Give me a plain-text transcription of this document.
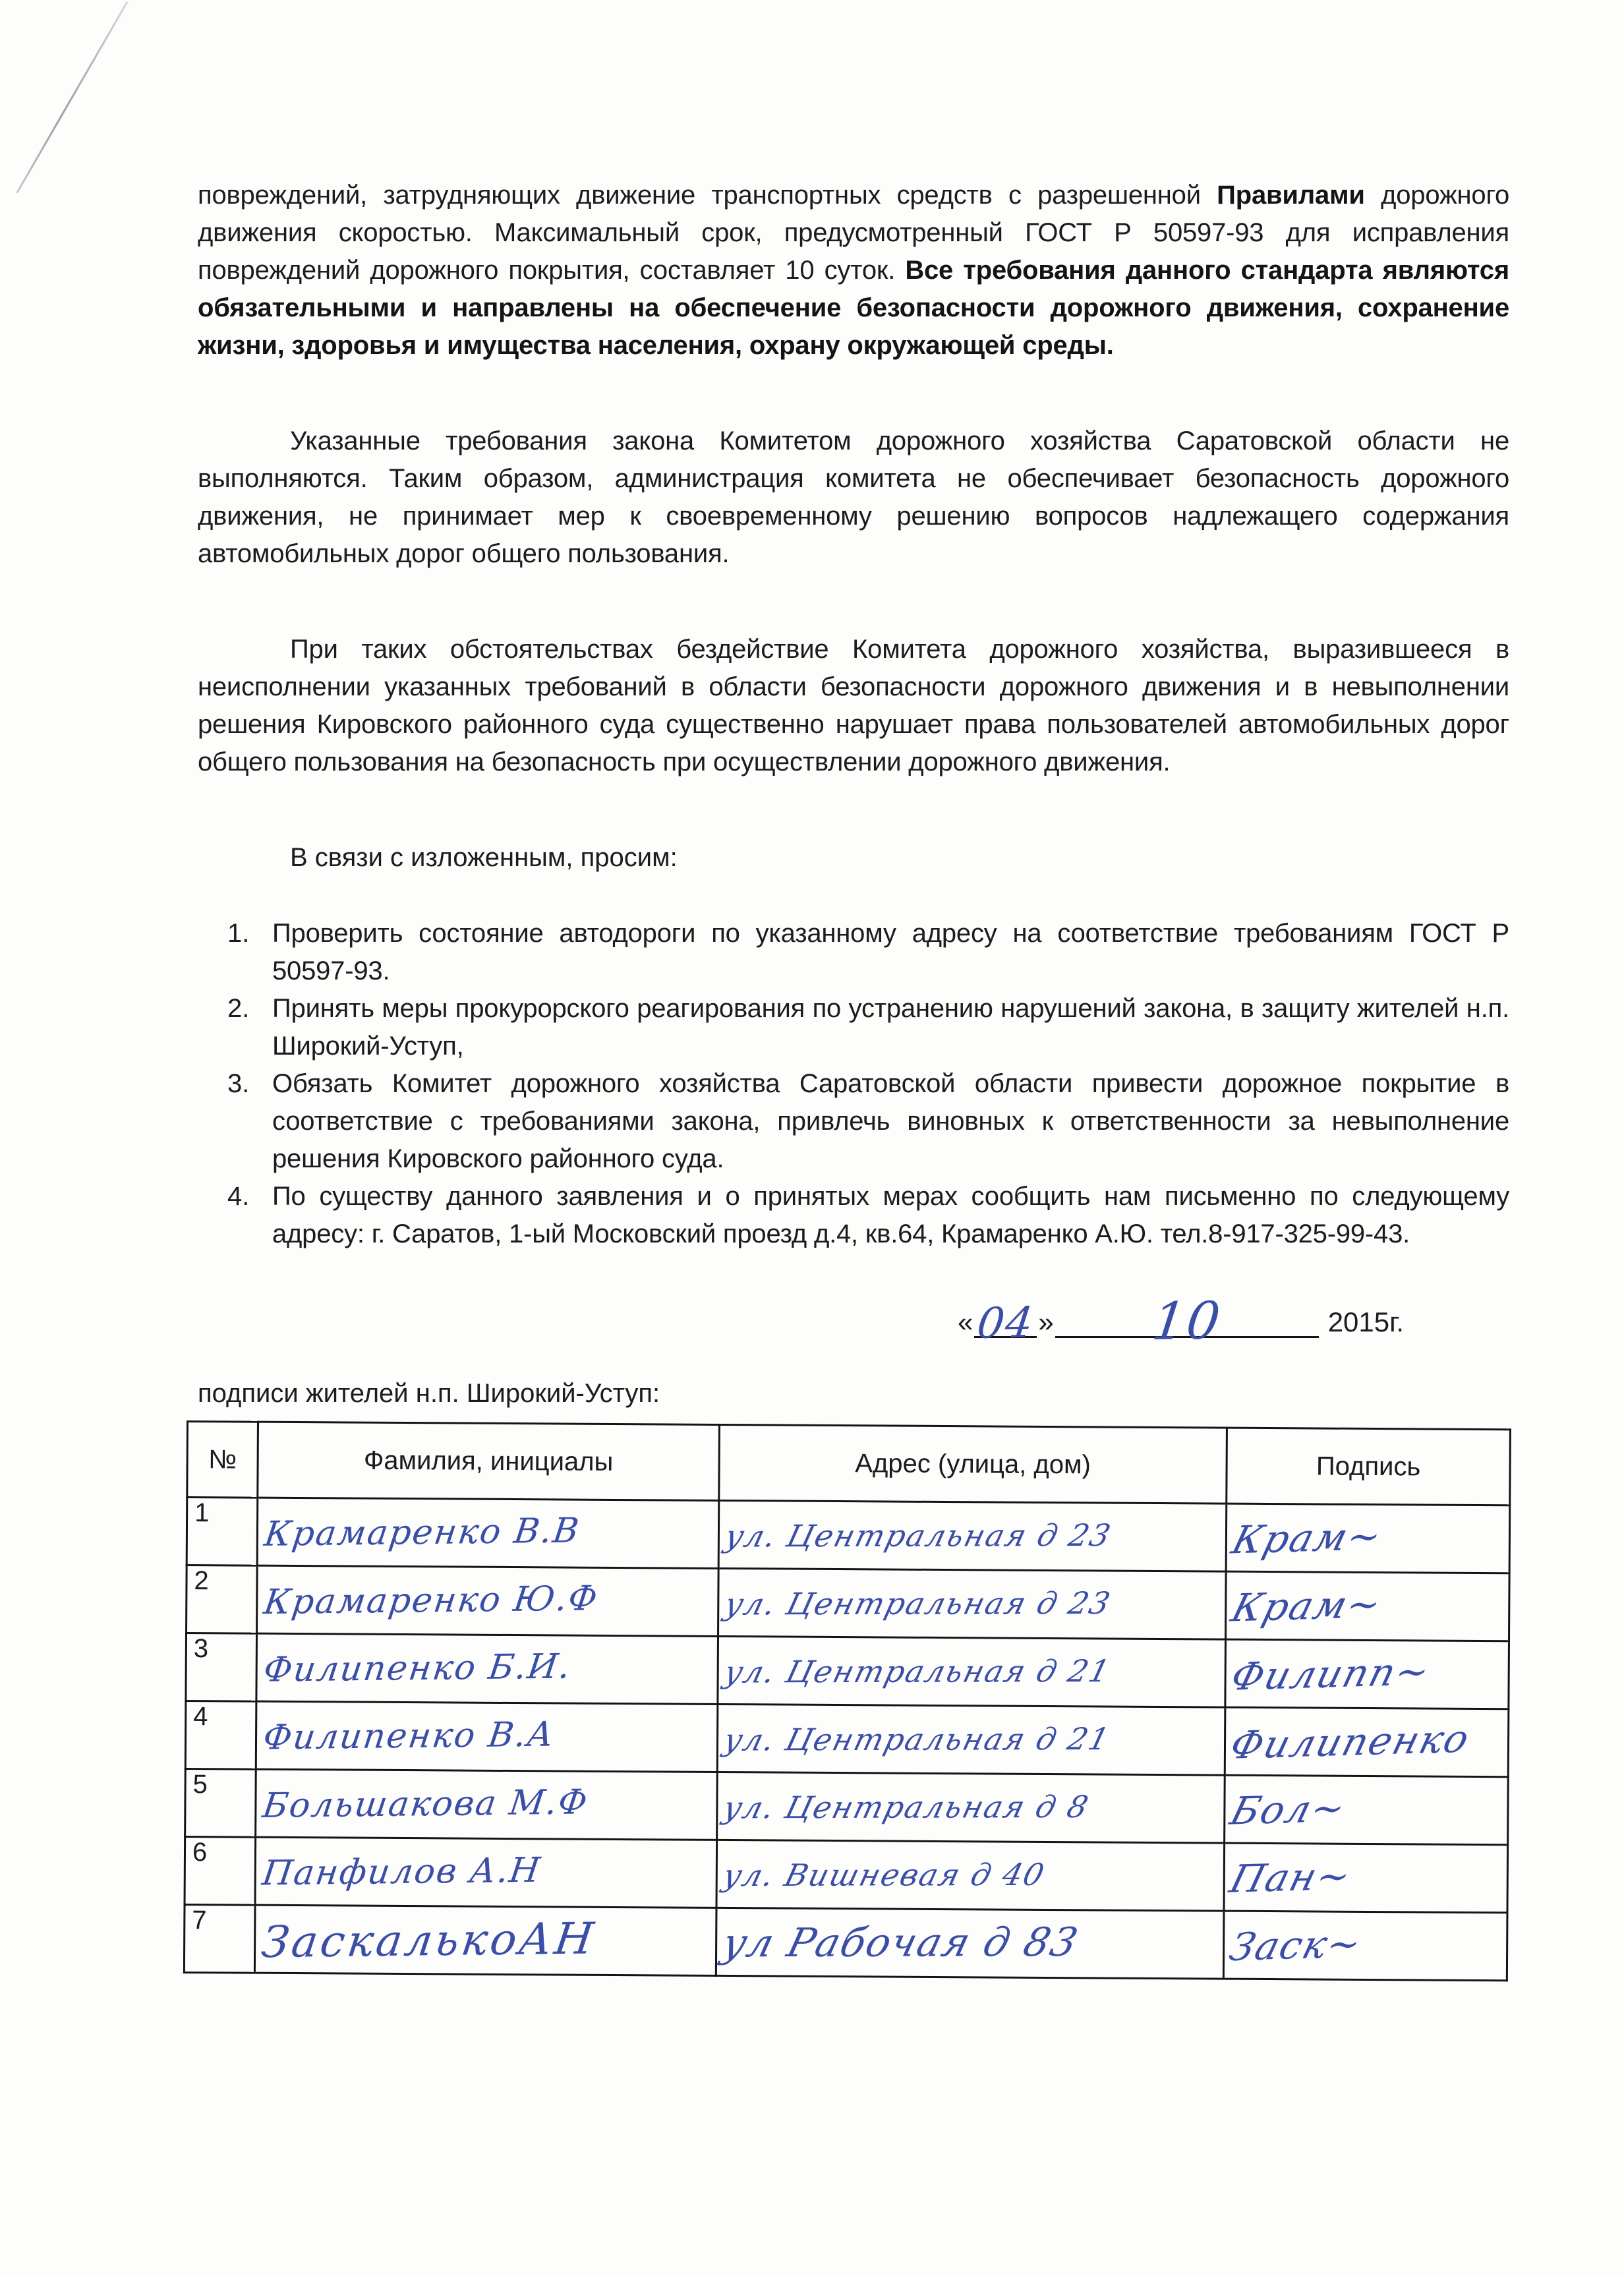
повреждений, затрудняющих движение транспортных средств с разрешенной Правилами дорожного движения скоростью. Максимальный срок, предусмотренный ГОСТ Р 50597-93 для исправления повреждений дорожного покрытия, составляет 10 суток. Все требования данного стандарта являются обязательными и направлены на обеспечение безопасности дорожного движения, сохранение жизни, здоровья и имущества населения, охрану окружающей среды.

Указанные требования закона Комитетом дорожного хозяйства Саратовской области не выполняются. Таким образом, администрация комитета не обеспечивает безопасность дорожного движения, не принимает мер к своевременному решению вопросов надлежащего содержания автомобильных дорог общего пользования.

При таких обстоятельствах бездействие Комитета дорожного хозяйства, выразившееся в неисполнении указанных требований в области безопасности дорожного движения и в невыполнении решения Кировского районного суда существенно нарушает права пользователей автомобильных дорог общего пользования на безопасность при осуществлении дорожного движения.

В связи с изложенным, просим:

1. Проверить состояние автодороги по указанному адресу на соответствие требованиям ГОСТ Р 50597-93.
2. Принять меры прокурорского реагирования по устранению нарушений закона, в защиту жителей н.п. Широкий-Уступ,
3. Обязать Комитет дорожного хозяйства Саратовской области привести дорожное покрытие в соответствие с требованиями закона, привлечь виновных к ответственности за невыполнение решения Кировского районного суда.
4. По существу данного заявления и о принятых мерах сообщить нам письменно по следующему адресу: г. Саратов, 1-ый Московский проезд д.4, кв.64, Крамаренко А.Ю. тел.8-917-325-99-43.
« 04 »	10	2015г.

подписи жителей н.п. Широкий-Уступ:

№	Фамилия, инициалы	Адрес (улица, дом)	Подпись
1	Крамаренко В.В	ул. Центральная д 23	Крам~
2	Крамаренко Ю.Ф	ул. Центральная д 23	Крам~
3	Филипенко Б.И.	ул. Центральная д 21	Филипп~
4	Филипенко В.А	ул. Центральная д 21	Филипенко
5	Большакова М.Ф	ул. Центральная д 8	Бол~
6	Панфилов А.Н	ул. Вишневая д 40	Пан~
7	ЗаскалькоАН	ул Рабочая д 83	Заск~
